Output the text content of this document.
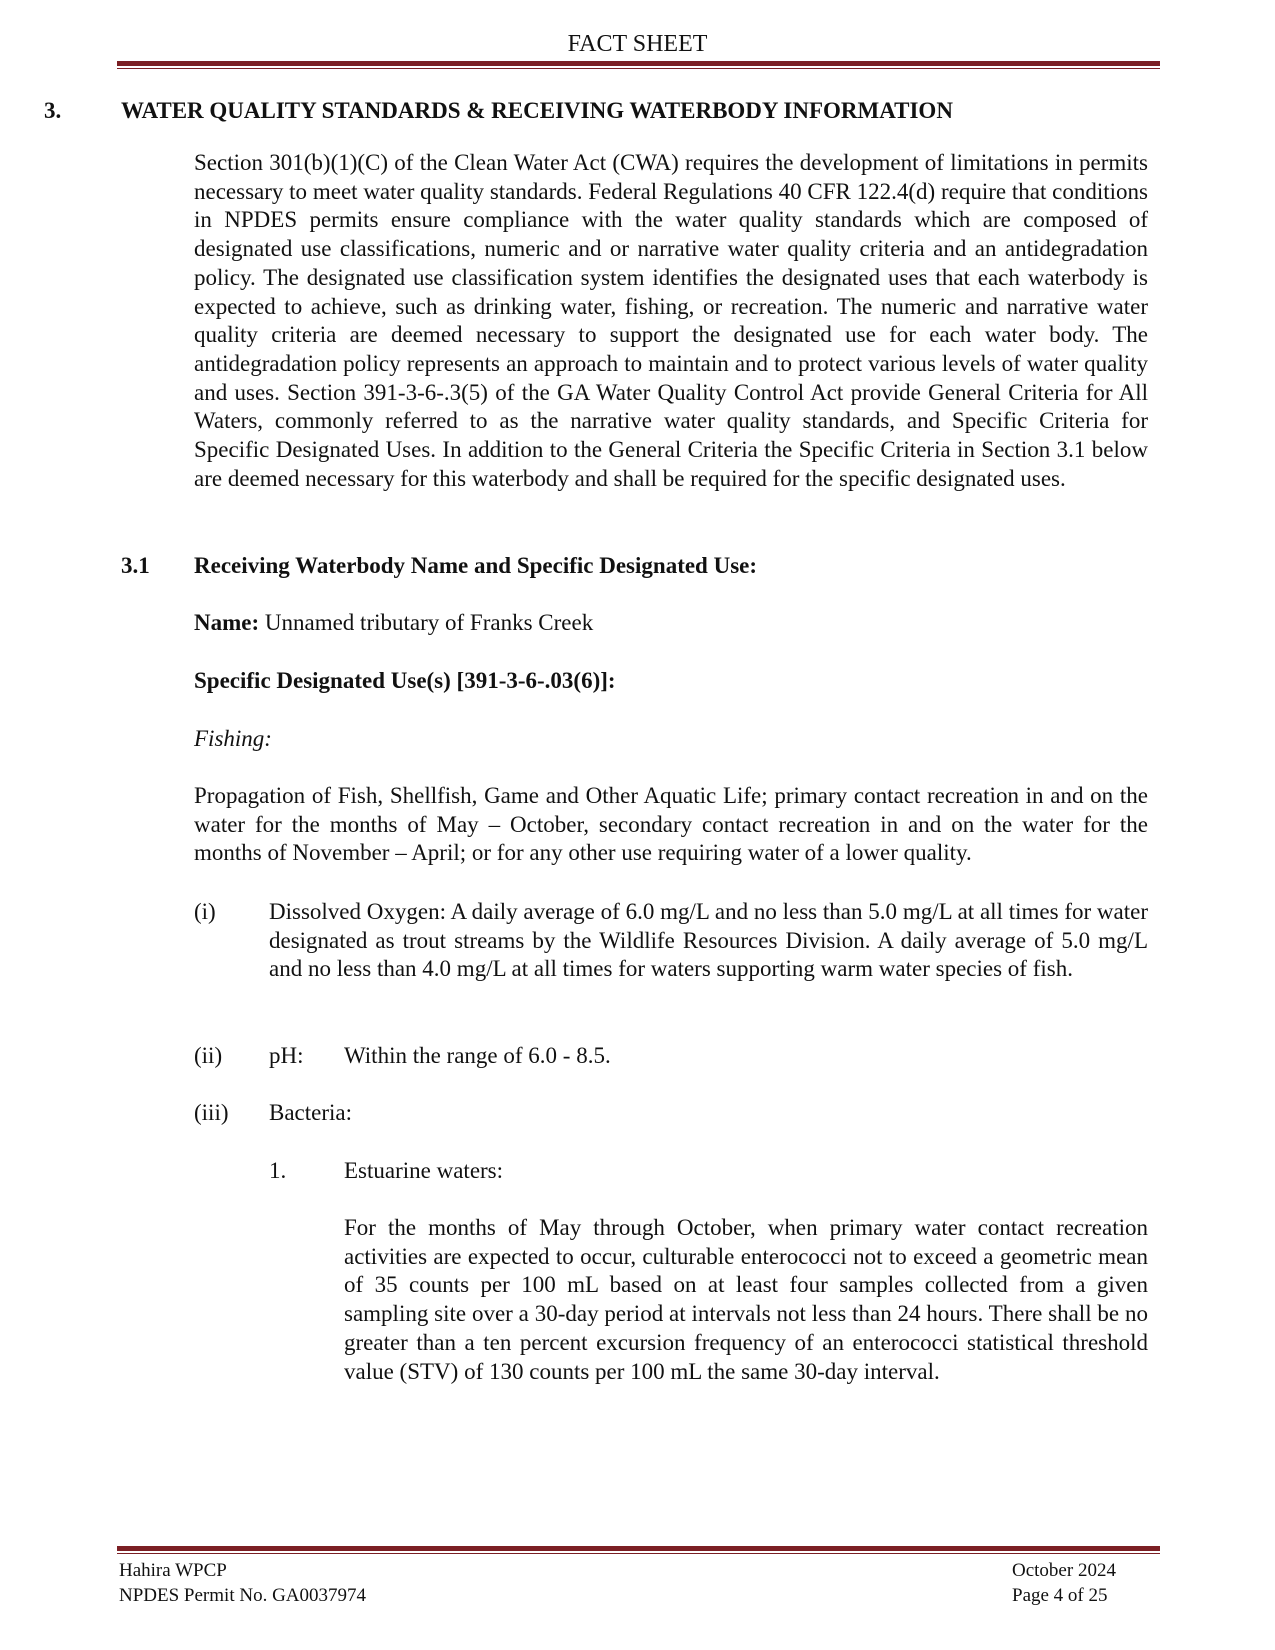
FACT SHEET
3.	WATER QUALITY STANDARDS & RECEIVING WATERBODY INFORMATION
Section 301(b)(1)(C) of the Clean Water Act (CWA) requires the development of limitations in permits necessary to meet water quality standards. Federal Regulations 40 CFR 122.4(d) require that conditions in NPDES permits ensure compliance with the water quality standards which are composed of designated use classifications, numeric and or narrative water quality criteria and an antidegradation policy. The designated use classification system identifies the designated uses that each waterbody is expected to achieve, such as drinking water, fishing, or recreation. The numeric and narrative water quality criteria are deemed necessary to support the designated use for each water body. The antidegradation policy represents an approach to maintain and to protect various levels of water quality and uses. Section 391-3-6-.3(5) of the GA Water Quality Control Act provide General Criteria for All Waters, commonly referred to as the narrative water quality standards, and Specific Criteria for Specific Designated Uses. In addition to the General Criteria the Specific Criteria in Section 3.1 below are deemed necessary for this waterbody and shall be required for the specific designated uses.
3.1 Receiving Waterbody Name and Specific Designated Use:
Name: Unnamed tributary of Franks Creek
Specific Designated Use(s) [391-3-6-.03(6)]:
Fishing:
Propagation of Fish, Shellfish, Game and Other Aquatic Life; primary contact recreation in and on the water for the months of May – October, secondary contact recreation in and on the water for the months of November – April; or for any other use requiring water of a lower quality.
(i) Dissolved Oxygen: A daily average of 6.0 mg/L and no less than 5.0 mg/L at all times for water designated as trout streams by the Wildlife Resources Division. A daily average of 5.0 mg/L and no less than 4.0 mg/L at all times for waters supporting warm water species of fish.
(ii) pH: Within the range of 6.0 - 8.5.
(iii) Bacteria:
1.	Estuarine waters:
For the months of May through October, when primary water contact recreation activities are expected to occur, culturable enterococci not to exceed a geometric mean of 35 counts per 100 mL based on at least four samples collected from a given sampling site over a 30-day period at intervals not less than 24 hours. There shall be no greater than a ten percent excursion frequency of an enterococci statistical threshold value (STV) of 130 counts per 100 mL the same 30-day interval.
Hahira WPCP
NPDES Permit No. GA0037974
October 2024
Page 4 of 25
